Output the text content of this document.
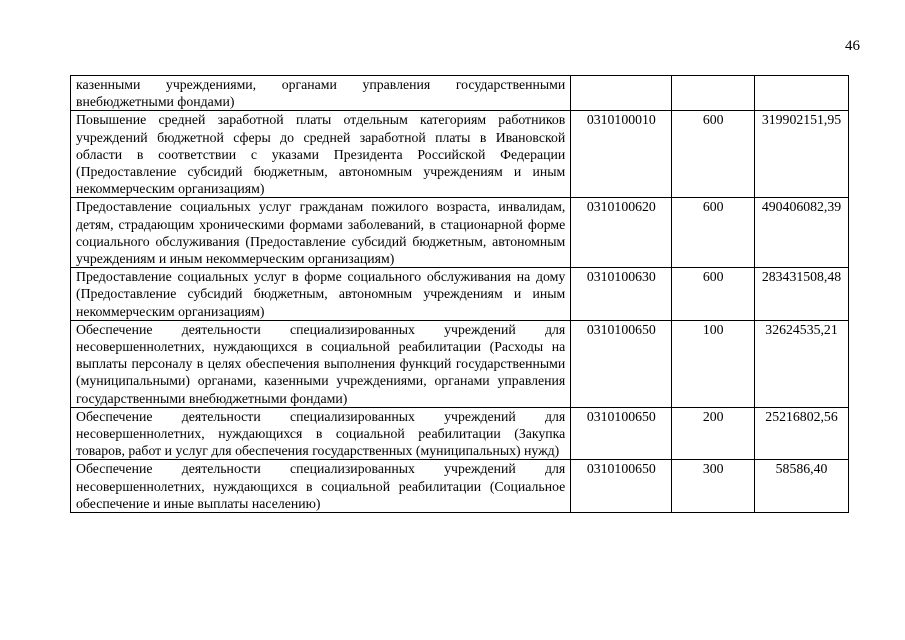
46
казенными учреждениями, органами управления государственными внебюджетными фондами)			
Повышение средней заработной платы отдельным категориям работников учреждений бюджетной сферы до средней заработной платы в Ивановской области в соответствии с указами Президента Российской Федерации (Предоставление субсидий бюджетным, автономным учреждениям и иным некоммерческим организациям)	0310100010	600	319902151,95
Предоставление социальных услуг гражданам пожилого возраста, инвалидам, детям, страдающим хроническими формами заболеваний, в стационарной форме социального обслуживания (Предоставление субсидий бюджетным, автономным учреждениям и иным некоммерческим организациям)	0310100620	600	490406082,39
Предоставление социальных услуг в форме социального обслуживания на дому (Предоставление субсидий бюджетным, автономным учреждениям и иным некоммерческим организациям)	0310100630	600	283431508,48
Обеспечение деятельности специализированных учреждений для несовершеннолетних, нуждающихся в социальной реабилитации (Расходы на выплаты персоналу в целях обеспечения выполнения функций государственными (муниципальными) органами, казенными учреждениями, органами управления государственными внебюджетными фондами)	0310100650	100	32624535,21
Обеспечение деятельности специализированных учреждений для несовершеннолетних, нуждающихся в социальной реабилитации (Закупка товаров, работ и услуг для обеспечения государственных (муниципальных) нужд)	0310100650	200	25216802,56
Обеспечение деятельности специализированных учреждений для несовершеннолетних, нуждающихся в социальной реабилитации (Социальное обеспечение и иные выплаты населению)	0310100650	300	58586,40
